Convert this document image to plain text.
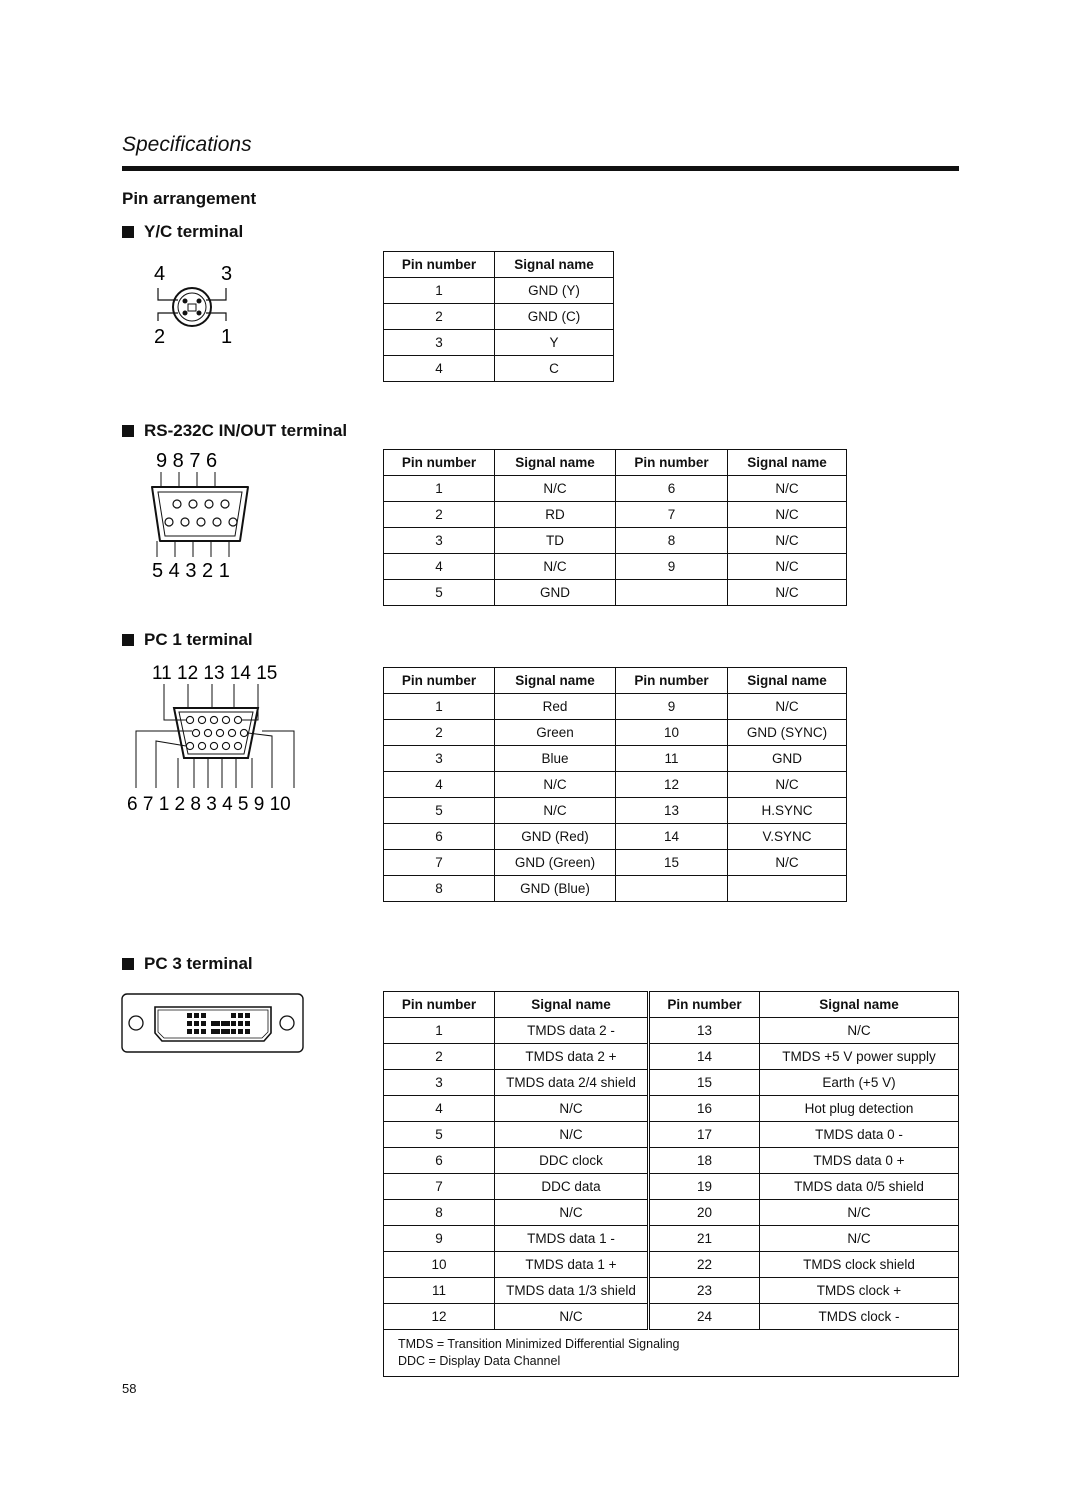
Specifications
Pin arrangement
Y/C terminal
4	3
2	1
Pin number	Signal name
1	GND (Y)
2	GND (C)
3	Y
4	C
RS-232C IN/OUT terminal
9 8 7 6
5 4 3 2 1
Pin number	Signal name	Pin number	Signal name
1	N/C	6	N/C
2	RD	7	N/C
3	TD	8	N/C
4	N/C	9	N/C
5	GND		N/C
PC 1 terminal
11 12 13 14 15
6 7 1 2 8 3 4 5 9 10
Pin number	Signal name	Pin number	Signal name
1	Red	9	N/C
2	Green	10	GND (SYNC)
3	Blue	11	GND
4	N/C	12	N/C
5	N/C	13	H.SYNC
6	GND (Red)	14	V.SYNC
7	GND (Green)	15	N/C
8	GND (Blue)		
PC 3 terminal
Pin number	Signal name	Pin number	Signal name
1	TMDS data 2 -	13	N/C
2	TMDS data 2 +	14	TMDS +5 V power supply
3	TMDS data 2/4 shield	15	Earth (+5 V)
4	N/C	16	Hot plug detection
5	N/C	17	TMDS data 0 -
6	DDC clock	18	TMDS data 0 +
7	DDC data	19	TMDS data 0/5 shield
8	N/C	20	N/C
9	TMDS data 1 -	21	N/C
10	TMDS data 1 +	22	TMDS clock shield
11	TMDS data 1/3 shield	23	TMDS clock +
12	N/C	24	TMDS clock -

TMDS = Transition Minimized Differential Signaling
DDC = Display Data Channel			
58
